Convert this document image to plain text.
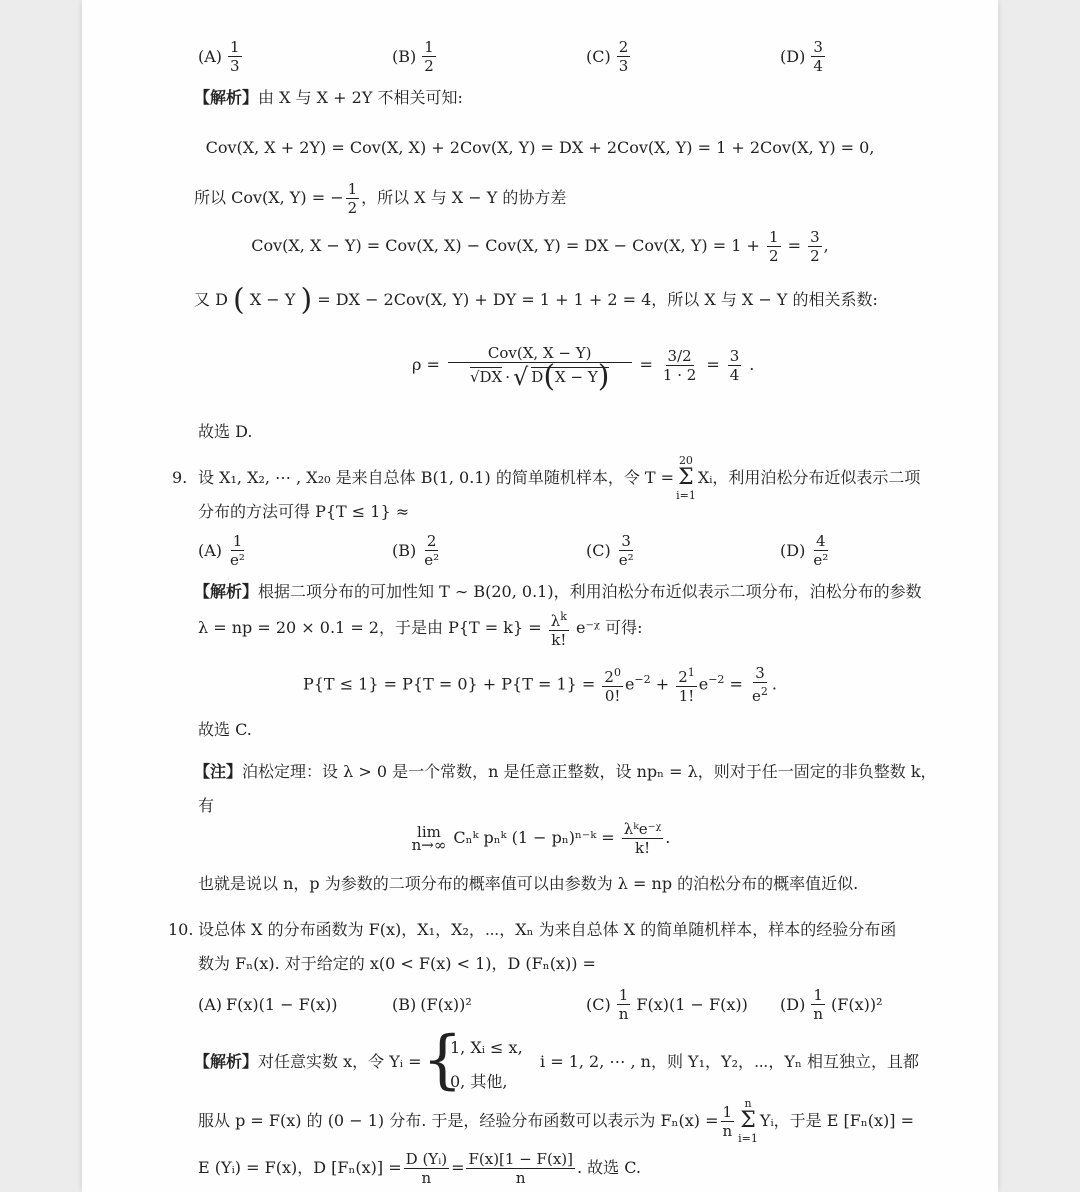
$(A) \frac{1}{3}$	$(B) \frac{1}{2}$	$(C) \frac{2}{3}$	$(D) \frac{3}{4}$
【解析】由 X 与 X + 2Y 不相关可知:
Cov(X, X + 2Y) = Cov(X, X) + 2Cov(X, Y) = DX + 2Cov(X, Y) = 1 + 2Cov(X, Y) = 0,
所以 Cov(X, Y) = − $\frac{1}{2}$ ，所以 X 与 X − Y 的协方差
Cov(X, X − Y) = Cov(X, X) − Cov(X, Y) = DX − Cov(X, $Y) = 1 + \frac{1}{2} = \frac{3}{2}$ ,
又 D ( X − Y ) = DX − 2Cov(X, Y) + DY = 1 + 1 + 2 = 4，所以 X 与 X − Y 的相关系数:
ρ =
Cov(X, X − Y)
√DX · √ D ( X − Y ) = $\frac{3/2}{1 \cdot 2} = \frac{3}{4}$ .
故选 D.
9. 设 X₁, X₂, ⋯ , X₂₀ 是来自总体 B(1, 0.1) 的简单随机样本，令 T =
20
Σ
i=1
Xᵢ，利用泊松分布近似表示二项
分布的方法可得 P{T ≤ 1} ≈
$(A) \frac{1}{\text{e²}}$	$(B) \frac{2}{\text{e²}}$	$(C) \frac{3}{\text{e²}}$	$(D) \frac{4}{\text{e²}}$
【解析】根据二项分布的可加性知 T ∼ B(20, 0.1)，利用泊松分布近似表示二项分布，泊松分布的参数
λ = np = 20 × 0.1 = 2，于是由 $P\{T = k\} = \frac{\lambda^k}{k!}$ e⁻ᵡ 可得:
$P\{T \le 1\} = P\{T = 0\} + P\{T = 1\} = \frac{2^0}{0!} e^{-2} + \frac{2^1}{1!} e^{-2} = \frac{3}{e^2}$ .
故选 C.
【注】泊松定理：设 λ > 0 是一个常数，n 是任意正整数，设 npₙ = λ，则对于任一固定的非负整数 k，
有
lim
n→∞ Cₙᵏ pₙᵏ (1 − pₙ)ⁿ⁻ᵏ = $\frac{\text{λᵏe⁻ᵡ}}{k!}$ .
也就是说以 n，p 为参数的二项分布的概率值可以由参数为 λ = np 的泊松分布的概率值近似.
10. 设总体 X 的分布函数为 F(x)，X₁，X₂，⋯，Xₙ 为来自总体 X 的简单随机样本，样本的经验分布函
数为 Fₙ(x). 对于给定的 x(0 < F(x) < 1)，D (Fₙ(x)) =
(A) F(x)(1 − F(x))	(B) (F(x))²	$(C) \frac{1}{n} F(x)(1 - F(x))$ $(D) \frac{1}{n} (F(x))^2$
【解析】对任意实数 x，令 Yᵢ = {
1, Xᵢ ≤ x,
0, 其他,
i = 1, 2, ⋯ , n，则 Y₁，Y₂，⋯，Yₙ 相互独立，且都
服从 p = F(x) 的 (0 − 1) 分布. 于是，经验分布函数可以表示为 $F_n(x) = \frac{1}{n}$ n
Σ
i=1
Yᵢ，于是 E [Fₙ(x)] =
E (Yᵢ) = F(x)，D $[F_n(x)] = \frac{\text{D (Yᵢ)}}{n} = \frac{F(x)[1 - F(x)]}{n}$ . 故选 C.
